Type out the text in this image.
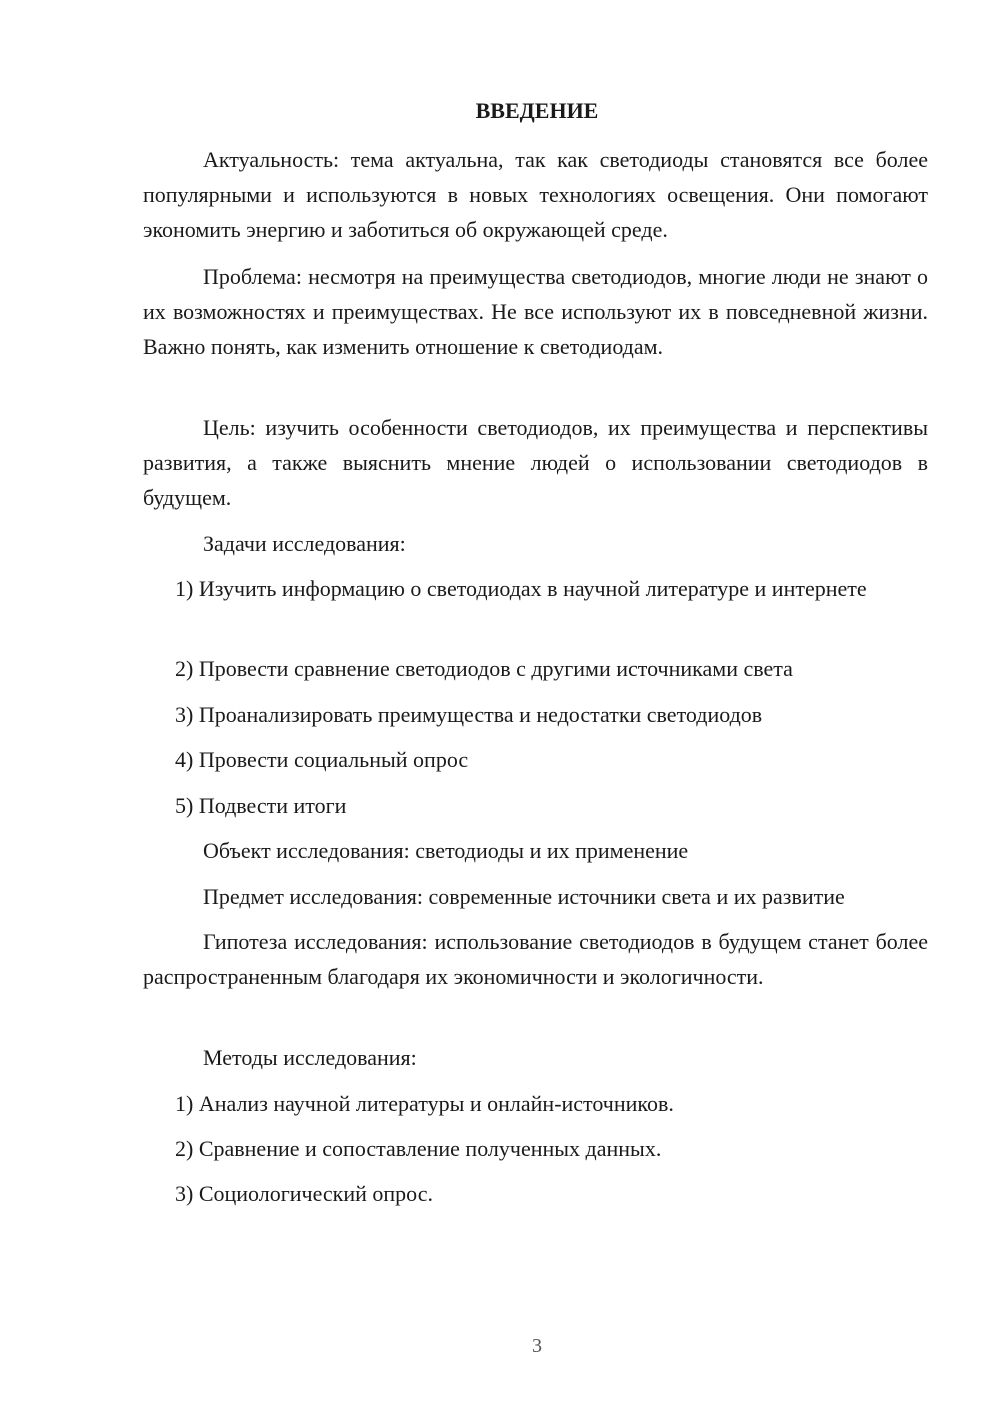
ВВЕДЕНИЕ
Актуальность: тема актуальна, так как светодиоды становятся все более популярными и используются в новых технологиях освещения. Они помогают экономить энергию и заботиться об окружающей среде.
Проблема: несмотря на преимущества светодиодов, многие люди не знают о их возможностях и преимуществах. Не все используют их в повседневной жизни. Важно понять, как изменить отношение к светодиодам.
Цель: изучить особенности светодиодов, их преимущества и перспективы развития, а также выяснить мнение людей о использовании светодиодов в будущем.
Задачи исследования:
1) Изучить информацию о светодиодах в научной литературе и интернете
2) Провести сравнение светодиодов с другими источниками света
3) Проанализировать преимущества и недостатки светодиодов
4) Провести социальный опрос
5) Подвести итоги
Объект исследования: светодиоды и их применение
Предмет исследования: современные источники света и их развитие
Гипотеза исследования: использование светодиодов в будущем станет более распространенным благодаря их экономичности и экологичности.
Методы исследования:
1) Анализ научной литературы и онлайн-источников.
2) Сравнение и сопоставление полученных данных.
3) Социологический опрос.
3
